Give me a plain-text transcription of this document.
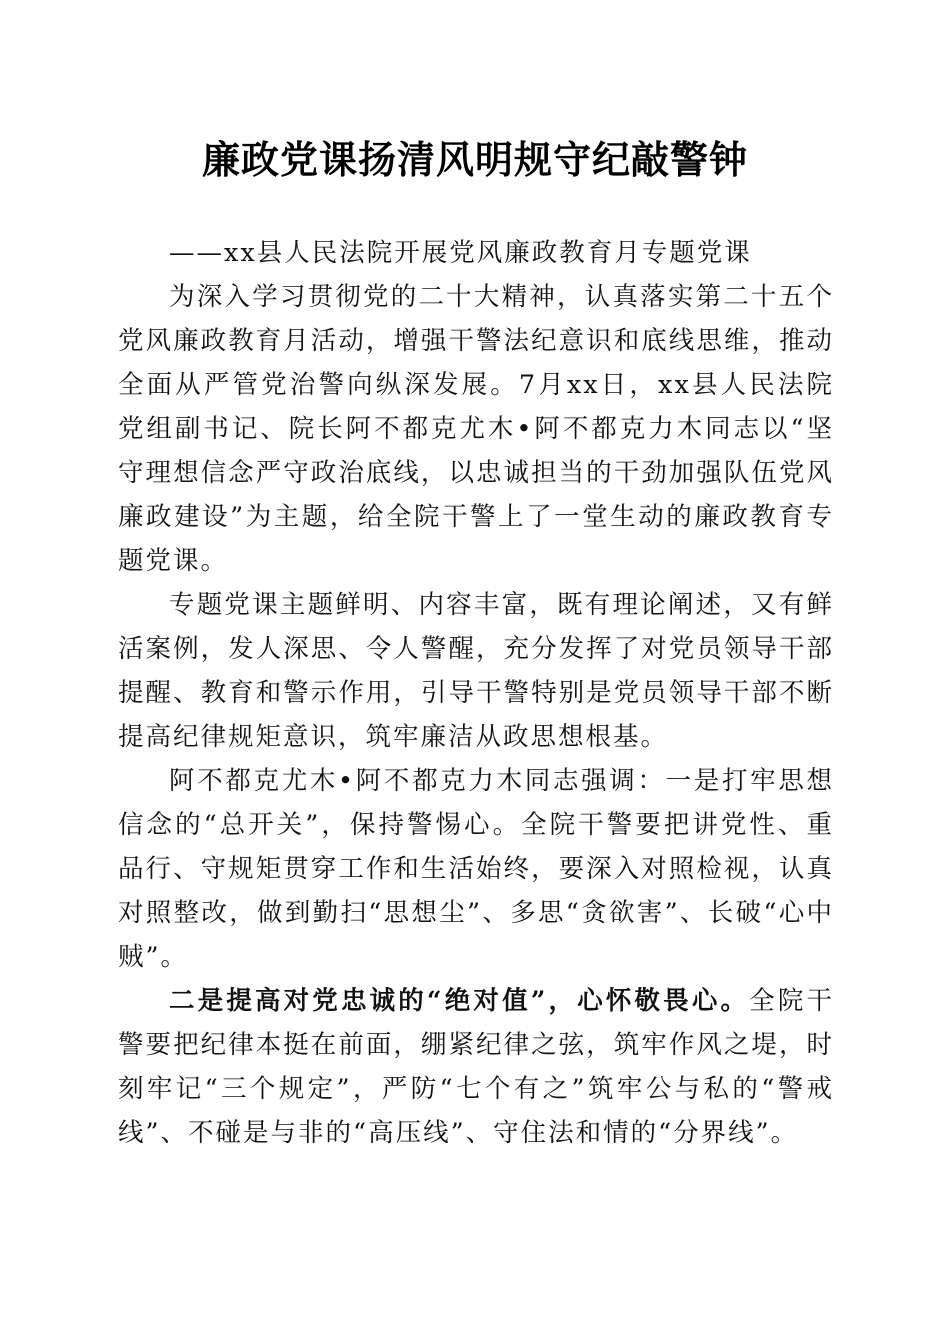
廉政党课扬清风明规守纪敲警钟

——xx县人民法院开展党风廉政教育月专题党课

为深入学习贯彻党的二十大精神，认真落实第二十五个党风廉政教育月活动，增强干警法纪意识和底线思维，推动全面从严管党治警向纵深发展。7月xx日，xx县人民法院党组副书记、院长阿不都克尤木•阿不都克力木同志以“坚守理想信念严守政治底线，以忠诚担当的干劲加强队伍党风廉政建设”为主题，给全院干警上了一堂生动的廉政教育专题党课。

专题党课主题鲜明、内容丰富，既有理论阐述，又有鲜活案例，发人深思、令人警醒，充分发挥了对党员领导干部提醒、教育和警示作用，引导干警特别是党员领导干部不断提高纪律规矩意识，筑牢廉洁从政思想根基。

阿不都克尤木•阿不都克力木同志强调：一是打牢思想信念的“总开关”，保持警惕心。全院干警要把讲党性、重品行、守规矩贯穿工作和生活始终，要深入对照检视，认真对照整改，做到勤扫“思想尘”、多思“贪欲害”、长破“心中贼”。

二是提高对党忠诚的“绝对值”，心怀敬畏心。全院干警要把纪律本挺在前面，绷紧纪律之弦，筑牢作风之堤，时刻牢记“三个规定”，严防“七个有之”筑牢公与私的“警戒线”、不碰是与非的“高压线”、守住法和情的“分界线”。
